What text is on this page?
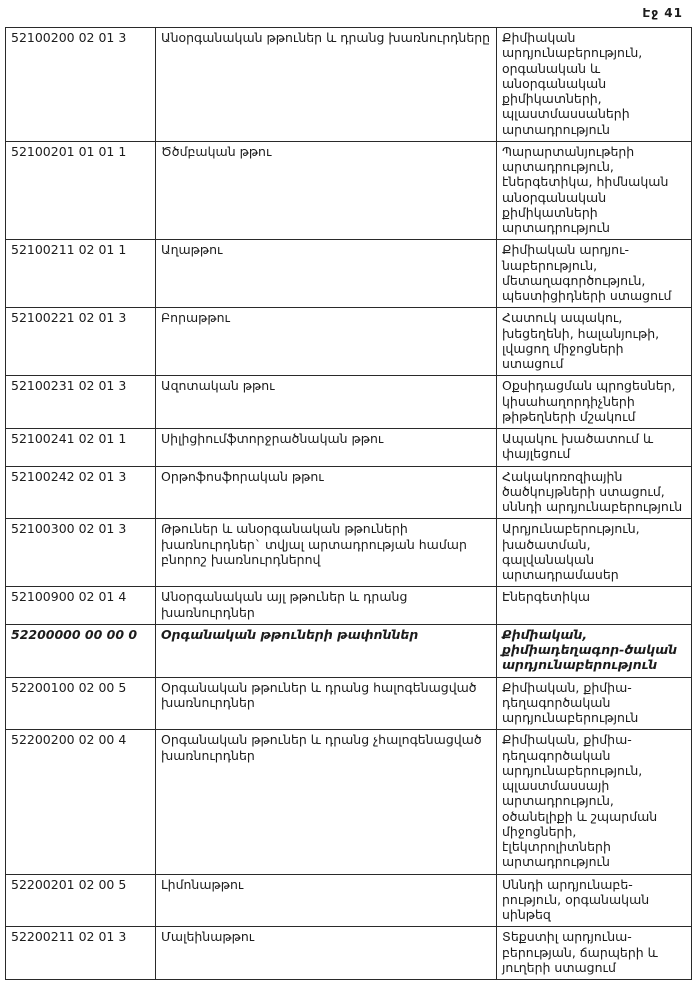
Էջ 41
52100200 02 01 3	Անօրգանական թթուներ և դրանց խառնուրդները	Քիմիական արդյունաբերություն, օրգանական և անօրգանական քիմիկատների, պլաստմասսաների արտադրություն
52100201 01 01 1	Ծծմբական թթու	Պարարտանյութերի արտադրություն, էներգետիկա, հիմնական անօրգանական քիմիկատների արտադրություն
52100211 02 01 1	Աղաթթու	Քիմիական արդյու-նաբերություն, մետաղագործություն, պեստիցիդների ստացում
52100221 02 01 3	Բորաթթու	Հատուկ ապակու, խեցեղենի, հալանյութի, լվացող միջոցների ստացում
52100231 02 01 3	Ազոտական թթու	Օքսիդացման պրոցեսներ, կիսահաղորդիչների թիթեղների մշակում
52100241 02 01 1	Սիլիցիումֆտորջրածնական թթու	Ապակու խածատում և փայլեցում
52100242 02 01 3	Օրթոֆոսֆորական թթու	Հակակոռոզիային ծածկույթների ստացում, սննդի արդյունաբերություն
52100300 02 01 3	Թթուներ և անօրգանական թթուների խառնուրդներ` տվյալ արտադրության համար բնորոշ խառնուրդներով	Արդյունաբերություն, խածատման, գալվանական արտադրամասեր
52100900 02 01 4	Անօրգանական այլ թթուներ և դրանց խառնուրդներ	Էներգետիկա
52200000 00 00 0	Օրգանական թթուների թափոններ	Քիմիական, քիմիադեղագոր-ծական արդյունաբերություն
52200100 02 00 5	Օրգանական թթուներ և դրանց հալոգենացված խառնուրդներ	Քիմիական, քիմիա-դեղագործական արդյունաբերություն
52200200 02 00 4	Օրգանական թթուներ և դրանց չհալոգենացված խառնուրդներ	Քիմիական, քիմիա-դեղագործական արդյունաբերություն, պլաստմասսայի արտադրություն, օծանելիքի և շպարման միջոցների, էլեկտրոլիտների արտադրություն
52200201 02 00 5	Լիմոնաթթու	Սննդի արդյունաբե-րություն, օրգանական սինթեզ
52200211 02 01 3	Մալեինաթթու	Տեքստիլ արդյունա-բերության, ճարպերի և յուղերի ստացում
